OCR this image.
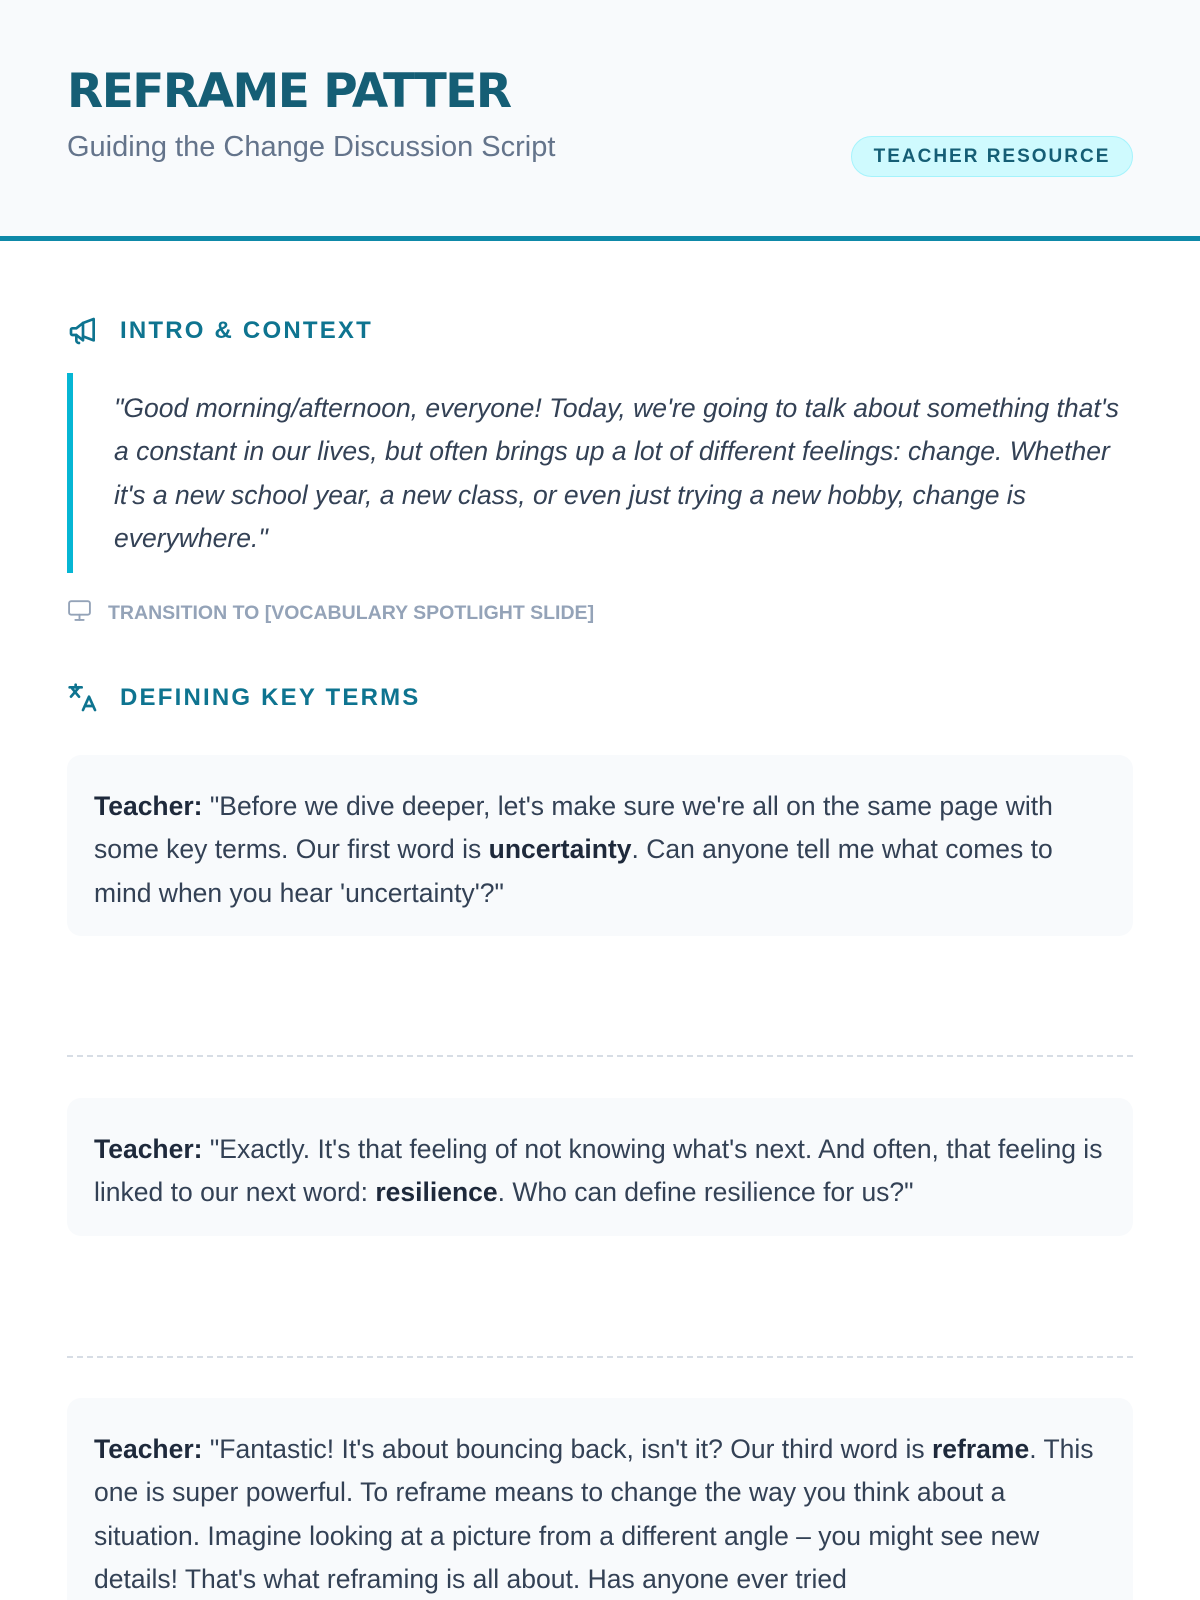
REFRAME PATTER
Guiding the Change Discussion Script	TEACHER RESOURCE
INTRO & CONTEXT
"Good morning/afternoon, everyone! Today, we're going to talk about something that's a constant in our lives, but often brings up a lot of different feelings: change. Whether it's a new school year, a new class, or even just trying a new hobby, change is everywhere."
TRANSITION TO [VOCABULARY SPOTLIGHT SLIDE]
DEFINING KEY TERMS
Teacher: "Before we dive deeper, let's make sure we're all on the same page with some key terms. Our first word is uncertainty. Can anyone tell me what comes to mind when you hear 'uncertainty'?"
Teacher: "Exactly. It's that feeling of not knowing what's next. And often, that feeling is linked to our next word: resilience. Who can define resilience for us?"
Teacher: "Fantastic! It's about bouncing back, isn't it? Our third word is reframe. This one is super powerful. To reframe means to change the way you think about a situation. Imagine looking at a picture from a different angle – you might see new details! That's what reframing is all about. Has anyone ever tried
